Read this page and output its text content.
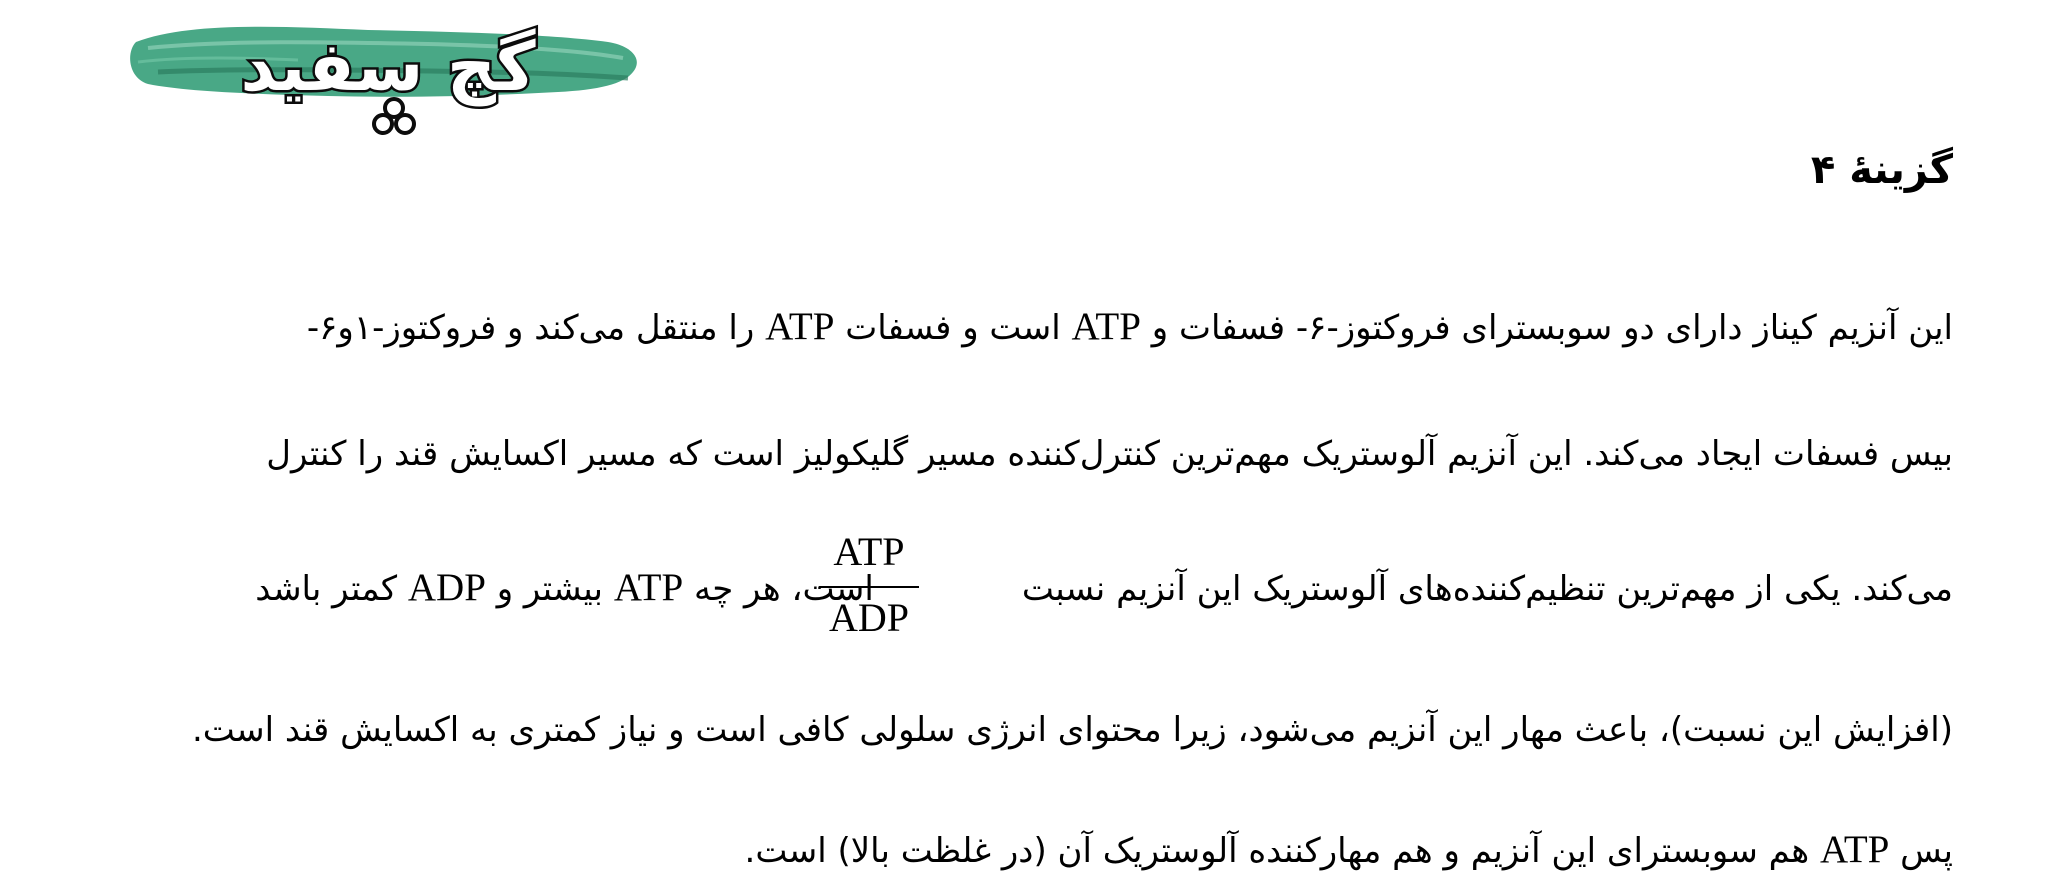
گچ سفید
گزینهٔ ۴
این آنزیم کیناز دارای دو سوبسترای فروکتوز-۶- فسفات و ATP است و فسفات ATP را منتقل می‌کند و فروکتوز-۱و۶-
بیس فسفات ایجاد می‌کند. این آنزیم آلوستریک مهم‌ترین کنترل‌کننده مسیر گلیکولیز است که مسیر اکسایش قند را کنترل
می‌کند. یکی از مهم‌ترین تنظیم‌کننده‌های آلوستریک این آنزیم نسبتاست، هر چه ATP بیشتر و ADP کمتر باشد
ATP
ADP
(افزایش این نسبت)، باعث مهار این آنزیم می‌شود، زیرا محتوای انرژی سلولی کافی است و نیاز کمتری به اکسایش قند است.
پس ATP هم سوبسترای این آنزیم و هم مهارکننده آلوستریک آن (در غلظت بالا) است.
